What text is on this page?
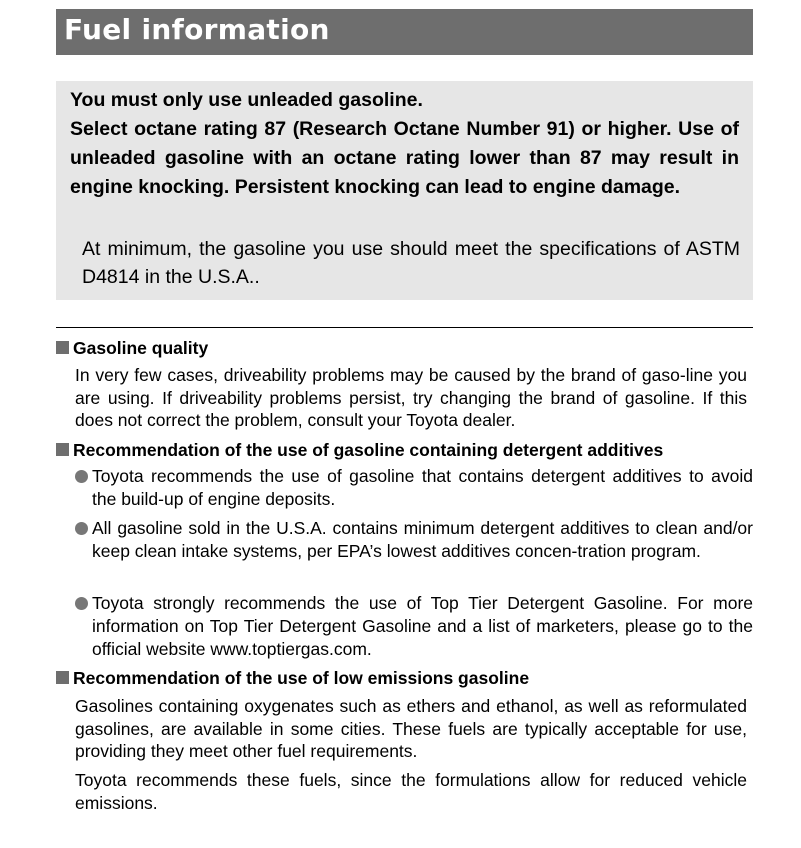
Fuel information

You must only use unleaded gasoline.
Select octane rating 87 (Research Octane Number 91) or higher. Use of unleaded gasoline with an octane rating lower than 87 may result in engine knocking. Persistent knocking can lead to engine damage.

At minimum, the gasoline you use should meet the specifications of ASTM D4814 in the U.S.A..

Gasoline quality

In very few cases, driveability problems may be caused by the brand of gaso-line you are using. If driveability problems persist, try changing the brand of gasoline. If this does not correct the problem, consult your Toyota dealer.

Recommendation of the use of gasoline containing detergent additives
Toyota recommends the use of gasoline that contains detergent additives to avoid the build-up of engine deposits.
All gasoline sold in the U.S.A. contains minimum detergent additives to clean and/or keep clean intake systems, per EPA’s lowest additives concen-tration program.
Toyota strongly recommends the use of Top Tier Detergent Gasoline. For more information on Top Tier Detergent Gasoline and a list of marketers, please go to the official website www.toptiergas.com.
Recommendation of the use of low emissions gasoline

Gasolines containing oxygenates such as ethers and ethanol, as well as reformulated gasolines, are available in some cities. These fuels are typically acceptable for use, providing they meet other fuel requirements.

Toyota recommends these fuels, since the formulations allow for reduced vehicle emissions.
